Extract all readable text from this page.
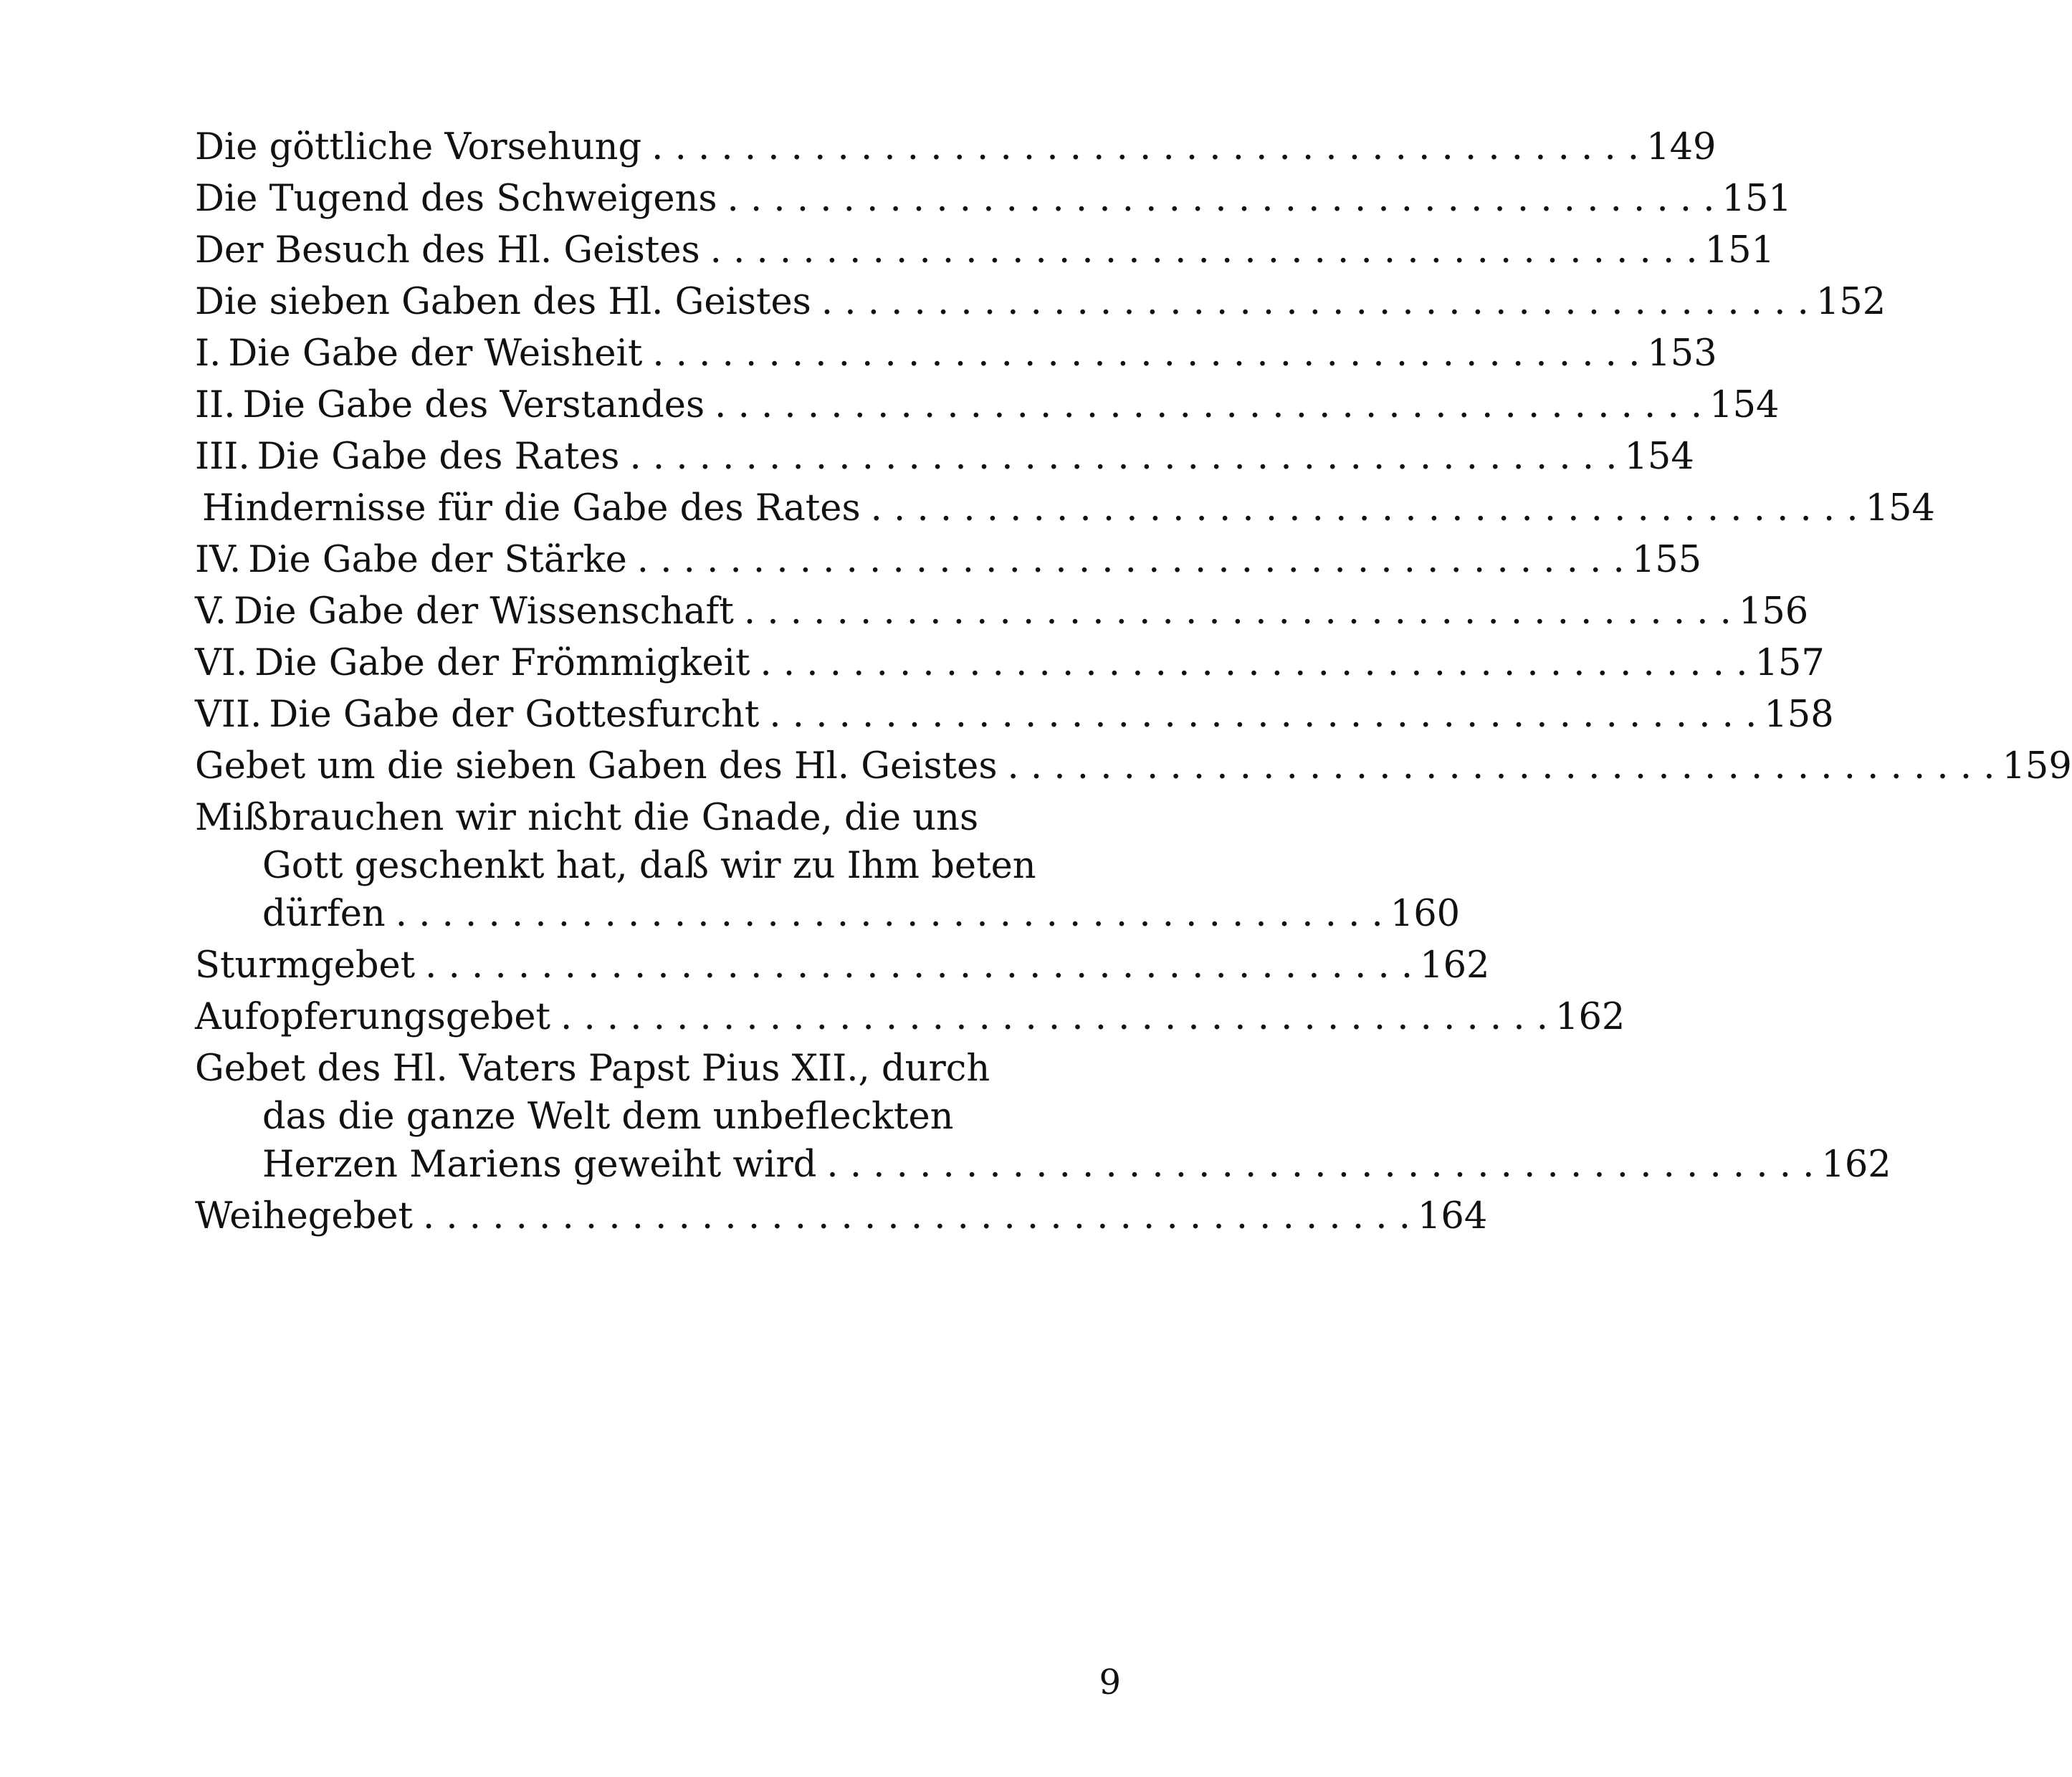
Die göttliche Vorsehung . . . . . . . . . . . . . . . . . . . . . . . . . . . . . . . . . . . . . . . . . . . 149
Die Tugend des Schweigens . . . . . . . . . . . . . . . . . . . . . . . . . . . . . . . . . . . . . . . . . . . 151
Der Besuch des Hl. Geistes . . . . . . . . . . . . . . . . . . . . . . . . . . . . . . . . . . . . . . . . . . . 151
Die sieben Gaben des Hl. Geistes . . . . . . . . . . . . . . . . . . . . . . . . . . . . . . . . . . . . . . . . . . . 152
I. Die Gabe der Weisheit . . . . . . . . . . . . . . . . . . . . . . . . . . . . . . . . . . . . . . . . . . . 153
II. Die Gabe des Verstandes . . . . . . . . . . . . . . . . . . . . . . . . . . . . . . . . . . . . . . . . . . . 154
III. Die Gabe des Rates . . . . . . . . . . . . . . . . . . . . . . . . . . . . . . . . . . . . . . . . . . . 154
Hindernisse für die Gabe des Rates . . . . . . . . . . . . . . . . . . . . . . . . . . . . . . . . . . . . . . . . . . . 154
IV. Die Gabe der Stärke . . . . . . . . . . . . . . . . . . . . . . . . . . . . . . . . . . . . . . . . . . . 155
V. Die Gabe der Wissenschaft . . . . . . . . . . . . . . . . . . . . . . . . . . . . . . . . . . . . . . . . . . . 156
VI. Die Gabe der Frömmigkeit . . . . . . . . . . . . . . . . . . . . . . . . . . . . . . . . . . . . . . . . . . . 157
VII. Die Gabe der Gottesfurcht . . . . . . . . . . . . . . . . . . . . . . . . . . . . . . . . . . . . . . . . . . . 158
Gebet um die sieben Gaben des Hl. Geistes . . . . . . . . . . . . . . . . . . . . . . . . . . . . . . . . . . . . . . . . . . . 159
Mißbrauchen wir nicht die Gnade, die uns
Gott geschenkt hat, daß wir zu Ihm beten
dürfen . . . . . . . . . . . . . . . . . . . . . . . . . . . . . . . . . . . . . . . . . . . 160
Sturmgebet . . . . . . . . . . . . . . . . . . . . . . . . . . . . . . . . . . . . . . . . . . . 162
Aufopferungsgebet . . . . . . . . . . . . . . . . . . . . . . . . . . . . . . . . . . . . . . . . . . . 162
Gebet des Hl. Vaters Papst Pius XII., durch
das die ganze Welt dem unbefleckten
Herzen Mariens geweiht wird . . . . . . . . . . . . . . . . . . . . . . . . . . . . . . . . . . . . . . . . . . . 162
Weihegebet . . . . . . . . . . . . . . . . . . . . . . . . . . . . . . . . . . . . . . . . . . . 164
9
